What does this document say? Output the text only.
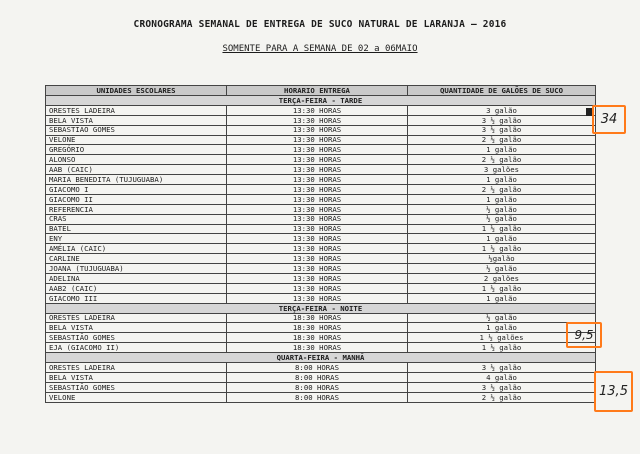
CRONOGRAMA SEMANAL DE ENTREGA DE SUCO NATURAL DE LARANJA – 2016
SOMENTE PARA A SEMANA DE 02 a 06MAIO
UNIDADES ESCOLARES	HORARIO ENTREGA	QUANTIDADE DE GALÕES DE SUCO
TERÇA-FEIRA - TARDE		
ORESTES LADEIRA	13:30 HORAS	3 galão
BELA VISTA	13:30 HORAS	3 ½ galão
SEBASTIÃO GOMES	13:30 HORAS	3 ½ galão
VELONE	13:30 HORAS	2 ½ galão
GREGÓRIO	13:30 HORAS	1 galão
ALONSO	13:30 HORAS	2 ½ galão
AAB (CAIC)	13:30 HORAS	3 galões
MARIA BENEDITA (TUJUGUABA)	13:30 HORAS	1 galão
GIACOMO I	13:30 HORAS	2 ½ galão
GIACOMO II	13:30 HORAS	1 galão
REFERENCIA	13:30 HORAS	½ galão
CRAS	13:30 HORAS	½ galão
BATEL	13:30 HORAS	1 ½ galão
ENY	13:30 HORAS	1 galão
AMÉLIA (CAIC)	13:30 HORAS	1 ½ galão
CARLINE	13:30 HORAS	½galão
JOANA (TUJUGUABA)	13:30 HORAS	½ galão
ADELINA	13:30 HORAS	2 galões
AAB2 (CAIC)	13:30 HORAS	1 ½ galão
GIACOMO III	13:30 HORAS	1 galão
TERÇA-FEIRA - NOITE		
ORESTES LADEIRA	18:30 HORAS	½ galão
BELA VISTA	18:30 HORAS	1 galão
SEBASTIÃO GOMES	18:30 HORAS	1 ½ galões
EJA (GIACOMO II)	18:30 HORAS	1 ½ galão
QUARTA-FEIRA - MANHÃ		
ORESTES LADEIRA	8:00 HORAS	3 ½ galão
BELA VISTA	8:00 HORAS	4 galão
SEBASTIÃO GOMES	8:00 HORAS	3 ½ galão
VELONE	8:00 HORAS	2 ½ galão
34
9,5
13,5
